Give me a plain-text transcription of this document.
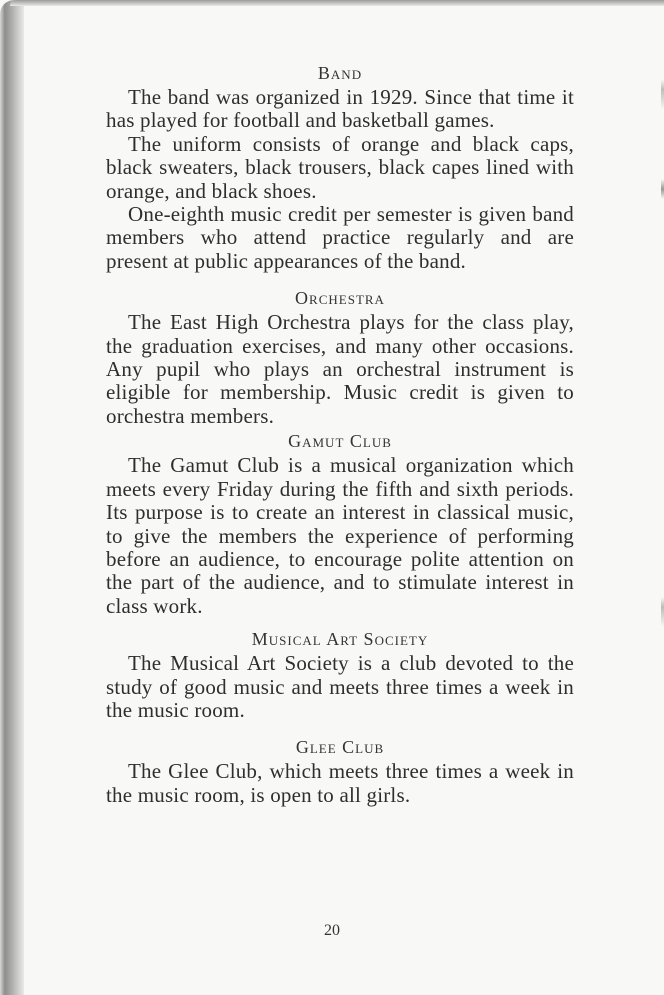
Band

The band was organized in 1929. Since that time it has played for football and basketball games.

The uniform consists of orange and black caps, black sweaters, black trousers, black capes lined with orange, and black shoes.

One-eighth music credit per semester is given band members who attend practice regularly and are present at public appearances of the band.

Orchestra

The East High Orchestra plays for the class play, the graduation exercises, and many other occasions. Any pupil who plays an orchestral instrument is eligible for membership. Music credit is given to orchestra members.

Gamut Club

The Gamut Club is a musical organization which meets every Friday during the fifth and sixth periods. Its purpose is to create an interest in classical music, to give the members the experience of performing before an audience, to encourage polite attention on the part of the audience, and to stimulate interest in class work.

Musical Art Society

The Musical Art Society is a club devoted to the study of good music and meets three times a week in the music room.

Glee Club

The Glee Club, which meets three times a week in the music room, is open to all girls.

20
